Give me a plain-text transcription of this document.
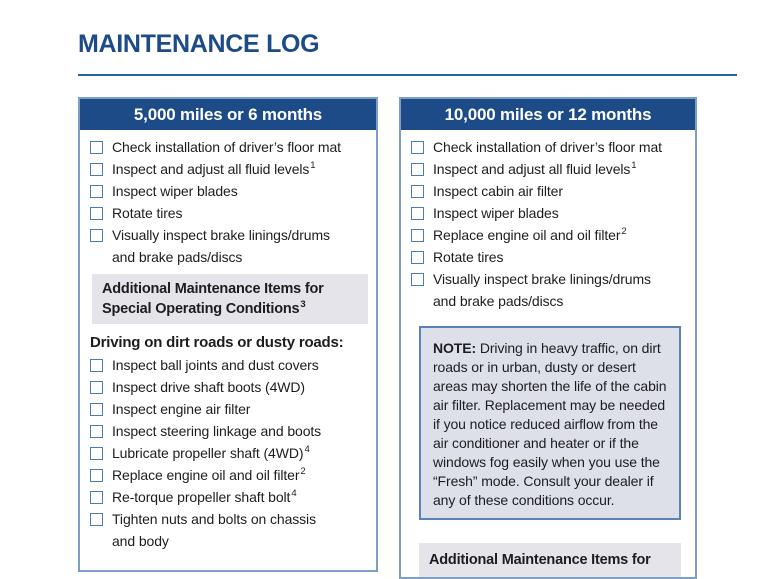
MAINTENANCE LOG
5,000 miles or 6 months
Check installation of driver’s floor mat
Inspect and adjust all fluid levels$^1$
Inspect wiper blades
Rotate tires
Visually inspect brake linings/drums and brake pads/discs
Additional Maintenance Items for Special Operating Conditions$^3$
Driving on dirt roads or dusty roads:
Inspect ball joints and dust covers
Inspect drive shaft boots (4WD)
Inspect engine air filter
Inspect steering linkage and boots
Lubricate propeller shaft (4WD)$^4$
Replace engine oil and oil filter$^2$
Re-torque propeller shaft bolt$^4$
Tighten nuts and bolts on chassis and body
10,000 miles or 12 months
Check installation of driver’s floor mat
Inspect and adjust all fluid levels$^1$
Inspect cabin air filter
Inspect wiper blades
Replace engine oil and oil filter$^2$
Rotate tires
Visually inspect brake linings/drums and brake pads/discs
NOTE: Driving in heavy traffic, on dirt roads or in urban, dusty or desert areas may shorten the life of the cabin air filter. Replacement may be needed if you notice reduced airflow from the air conditioner and heater or if the windows fog easily when you use the “Fresh” mode. Consult your dealer if any of these conditions occur.
Additional Maintenance Items for
